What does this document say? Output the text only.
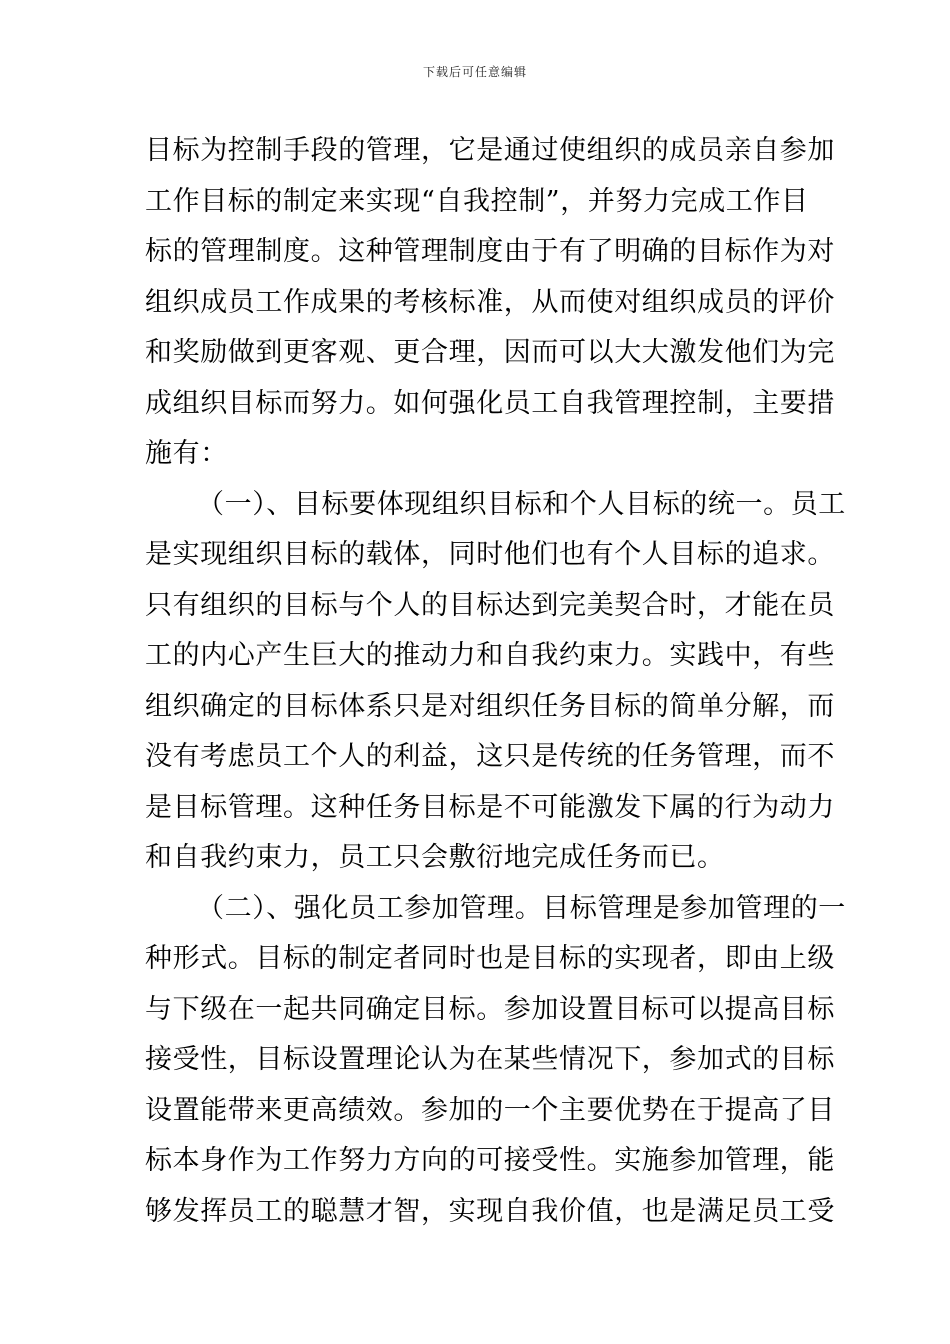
下载后可任意编辑
目标为控制手段的管理，它是通过使组织的成员亲自参加
工作目标的制定来实现“自我控制”，并努力完成工作目
标的管理制度。这种管理制度由于有了明确的目标作为对
组织成员工作成果的考核标准，从而使对组织成员的评价
和奖励做到更客观、更合理，因而可以大大激发他们为完
成组织目标而努力。如何强化员工自我管理控制，主要措
施有：
（一）、目标要体现组织目标和个人目标的统一。员工
是实现组织目标的载体，同时他们也有个人目标的追求。
只有组织的目标与个人的目标达到完美契合时，才能在员
工的内心产生巨大的推动力和自我约束力。实践中，有些
组织确定的目标体系只是对组织任务目标的简单分解，而
没有考虑员工个人的利益，这只是传统的任务管理，而不
是目标管理。这种任务目标是不可能激发下属的行为动力
和自我约束力，员工只会敷衍地完成任务而已。
（二）、强化员工参加管理。目标管理是参加管理的一
种形式。目标的制定者同时也是目标的实现者，即由上级
与下级在一起共同确定目标。参加设置目标可以提高目标
接受性，目标设置理论认为在某些情况下，参加式的目标
设置能带来更高绩效。参加的一个主要优势在于提高了目
标本身作为工作努力方向的可接受性。实施参加管理，能
够发挥员工的聪慧才智，实现自我价值，也是满足员工受
